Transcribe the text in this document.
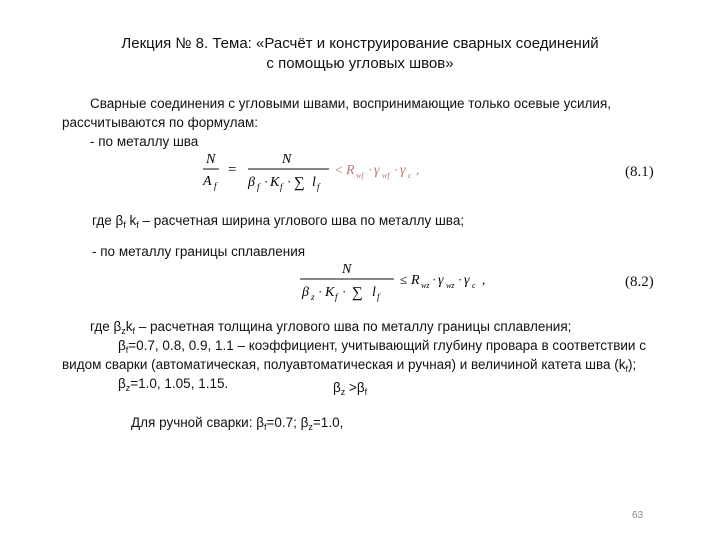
Лекция № 8. Тема: «Расчёт и конструирование сварных соединений
с помощью угловых швов»
Сварные соединения с угловыми швами, воспринимающие только осевые усилия,
рассчитываются по формулам:
- по металлу шва
N
A f
=
N
β f · K f · ∑ l f
< R wf · γ wf · γ c ,	(8.1)
где $\beta_f$ $k_f$ – расчетная ширина углового шва по металлу шва;
- по металлу границы сплавления
N
β z · K f · ∑ l f
≤ R wz · γ wz · γ c ,	(8.2)
где $\beta_zk_f$ – расчетная толщина углового шва по металлу границы сплавления;
$\beta_f=0.7$, 0.8, 0.9, 1.1 – коэффициент, учитывающий глубину провара в соответствии с
видом сварки (автоматическая, полуавтоматическая и ручная) и величиной катета шва $(k_f)$;
$\beta_z=1.0$, 1.05, 1.15.	$\beta_z >\beta_f$
Для ручной сварки: $\beta_f=0.7$; $\beta_z=1.0$,
63
